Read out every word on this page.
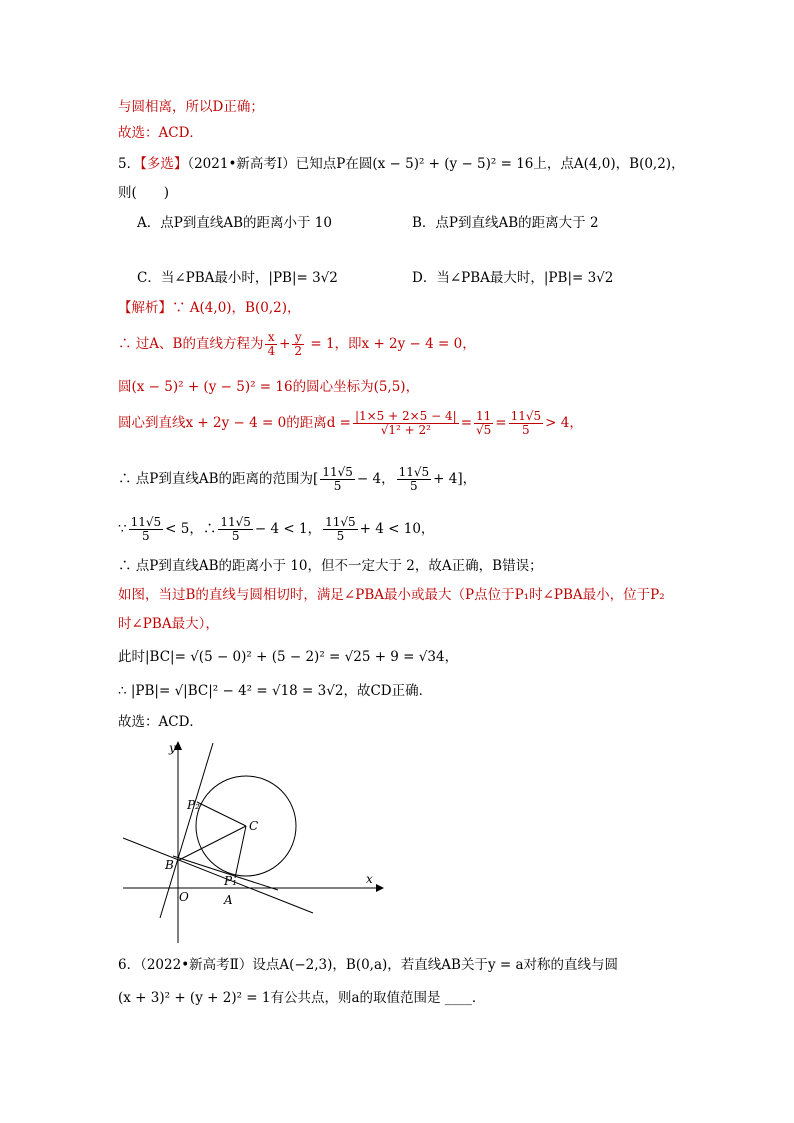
与圆相离，所以D正确；
故选：ACD．
5．【多选】（2021•新高考Ⅰ）已知点P在圆(x − 5)² + (y − 5)² = 16上，点A(4,0)，B(0,2)，
则(　　)
A．点P到直线AB的距离小于 10	B．点P到直线AB的距离大于 2
C．当∠PBA最小时，|PB|= 3√2	D．当∠PBA最大时，|PB|= 3√2
【解析】∵ A(4,0)，B(0,2)，
∴ 过A、B的直线方程为 $\frac{x}{4} + \frac{y}{2} = 1$，即x + 2y − 4 = 0，
圆(x − 5)² + (y − 5)² = 16的圆心坐标为(5,5)，
圆心到直线x + 2y − 4 = 0的距离$d = \frac{|1\times 5 + 2\times 5 - 4|}{\text{√1² + 2²}} = \frac{11}{√5} = \frac{11√5}{5} > 4$，
∴ 点P到直线AB的距离的范围为[ $\frac{11√5}{5} - 4$， $\frac{11√5}{5} + 4$]，
∵ $\frac{11√5}{5} < 5$，∴ $\frac{11√5}{5} - 4 < 1$， $\frac{11√5}{5} + 4 < 10$，
∴ 点P到直线AB的距离小于 10，但不一定大于 2，故A正确，B错误；
如图，当过B的直线与圆相切时，满足∠PBA最小或最大（P点位于P₁时∠PBA最小，位于P₂
时∠PBA最大），
此时|BC|= √(5 − 0)² + (5 − 2)² = √25 + 9 = √34，
∴ |PB|= √|BC|² − 4² = √18 = 3√2，故CD正确．
故选：ACD．
y
x
O	A
B
C
P₂
P₁
6．（2022•新高考Ⅱ）设点A(−2,3)，B(0,a)，若直线AB关于y = a对称的直线与圆
(x + 3)² + (y + 2)² = 1有公共点，则a的取值范围是 ____．
